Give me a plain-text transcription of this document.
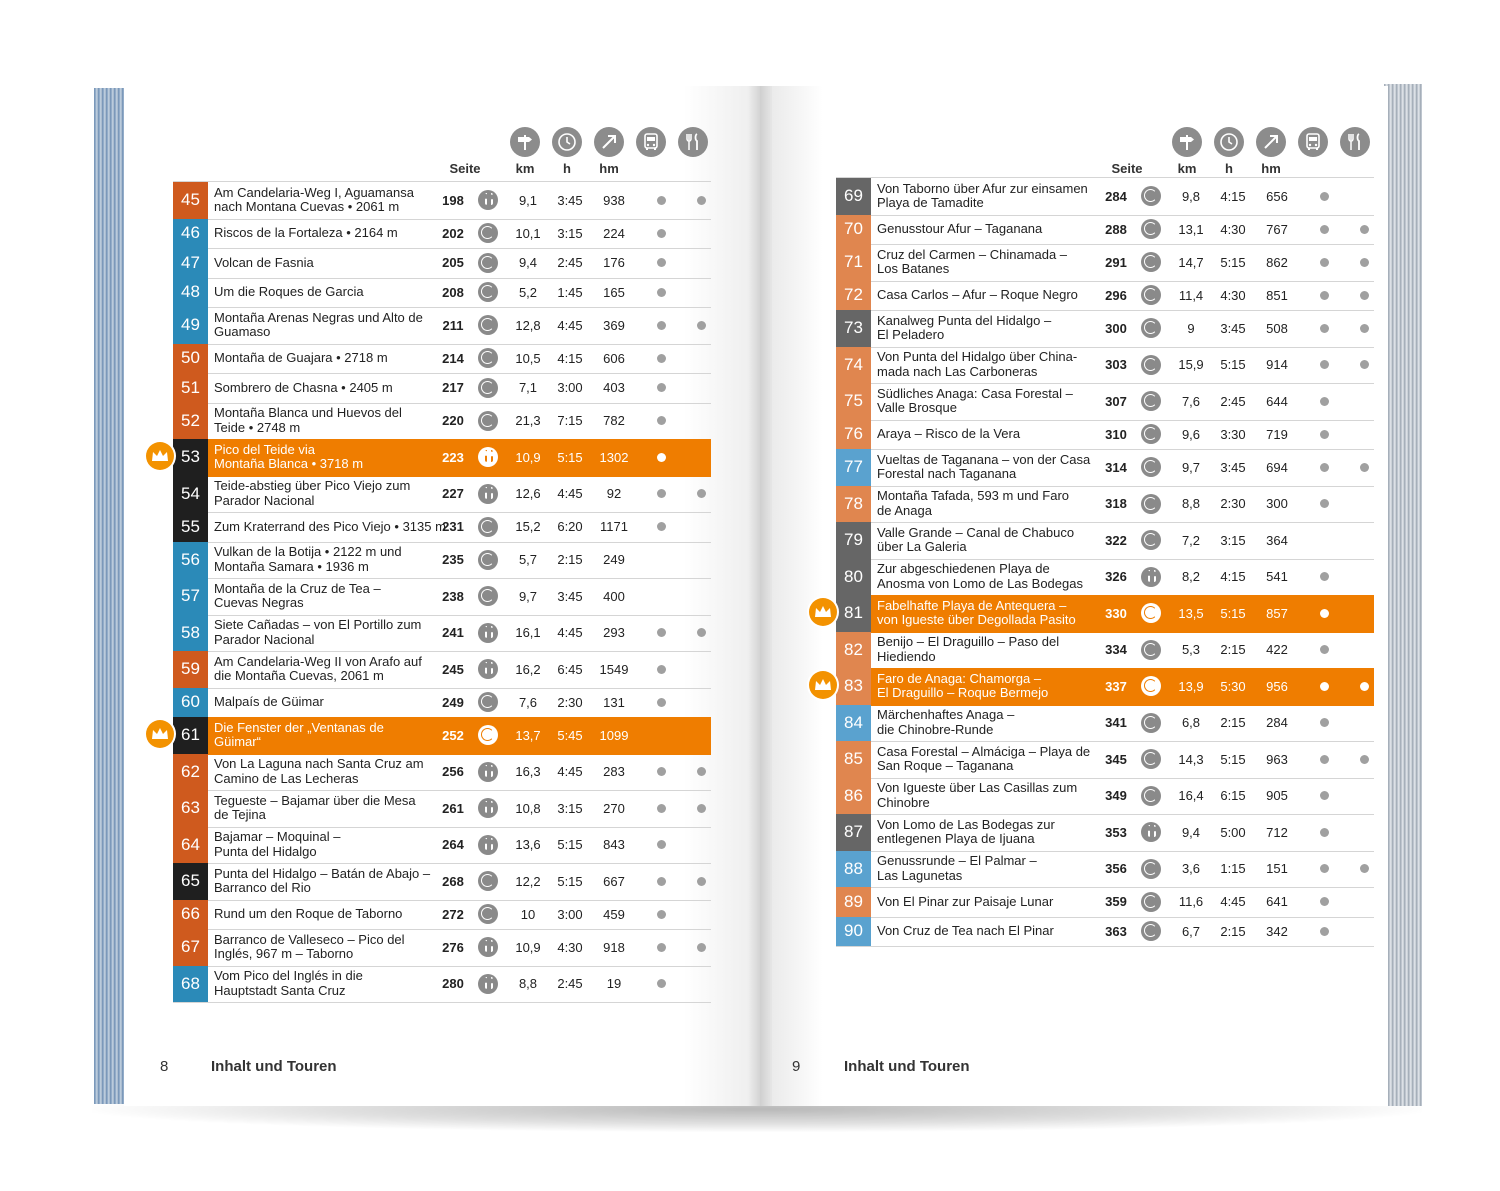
Seite	km	h	hm	Seite	km	h	hm
45	Am Candelaria-Weg I, Aguamansa
nach Montana Cuevas • 2061 m	198	9,1	3:45	938
46	Riscos de la Fortaleza • 2164 m	202	10,1	3:15	224
47	Volcan de Fasnia	205	9,4	2:45	176
48	Um die Roques de Garcia	208	5,2	1:45	165
49	Montaña Arenas Negras und Alto de
Guamaso	211	12,8	4:45	369
50	Montaña de Guajara • 2718 m	214	10,5	4:15	606
51	Sombrero de Chasna • 2405 m	217	7,1	3:00	403
52	Montaña Blanca und Huevos del
Teide • 2748 m	220	21,3	7:15	782
53	Pico del Teide via
Montaña Blanca • 3718 m	223	10,9	5:15	1302
54	Teide-abstieg über Pico Viejo zum
Parador Nacional	227	12,6	4:45	92
55	Zum Kraterrand des Pico Viejo • 3135 m
231	15,2	6:20	1171
56	Vulkan de la Botija • 2122 m und
Montaña Samara • 1936 m	235	5,7	2:15	249
57	Montaña de la Cruz de Tea –
Cuevas Negras	238	9,7	3:45	400
58	Siete Cañadas – von El Portillo zum
Parador Nacional	241	16,1	4:45	293
59	Am Candelaria-Weg II von Arafo auf
die Montaña Cuevas, 2061 m	245	16,2	6:45	1549
60	Malpaís de Güimar	249	7,6	2:30	131
61	Die Fenster der „Ventanas de
Güimar“	252	13,7	5:45	1099
62	Von La Laguna nach Santa Cruz am
Camino de Las Lecheras	256	16,3	4:45	283
63	Tegueste – Bajamar über die Mesa
de Tejina	261	10,8	3:15	270
64	Bajamar – Moquinal –
Punta del Hidalgo	264	13,6	5:15	843
65	Punta del Hidalgo – Batán de Abajo –
Barranco del Rio	268	12,2	5:15	667
66	Rund um den Roque de Taborno	272	10	3:00	459
67	Barranco de Valleseco – Pico del
Inglés, 967 m – Taborno	276	10,9	4:30	918
68	Vom Pico del Inglés in die
Hauptstadt Santa Cruz	280	8,8	2:45	19
69	Von Taborno über Afur zur einsamen
Playa de Tamadite	284	9,8	4:15	656
70	Genusstour Afur – Taganana	288	13,1	4:30	767
71	Cruz del Carmen – Chinamada –
Los Batanes	291	14,7	5:15	862
72	Casa Carlos – Afur – Roque Negro	296	11,4	4:30	851
73	Kanalweg Punta del Hidalgo –
El Peladero	300	9	3:45	508
74	Von Punta del Hidalgo über China-
mada nach Las Carboneras	303	15,9	5:15	914
75	Südliches Anaga: Casa Forestal –
Valle Brosque	307	7,6	2:45	644
76	Araya – Risco de la Vera	310	9,6	3:30	719
77	Vueltas de Taganana – von der Casa
Forestal nach Taganana	314	9,7	3:45	694
78	Montaña Tafada, 593 m und Faro
de Anaga	318	8,8	2:30	300
79	Valle Grande – Canal de Chabuco
über La Galeria	322	7,2	3:15	364
80	Zur abgeschiedenen Playa de
Anosma von Lomo de Las Bodegas	326	8,2	4:15	541
81	Fabelhafte Playa de Antequera –
von Igueste über Degollada Pasito	330	13,5	5:15	857
82	Benijo – El Draguillo – Paso del
Hiediendo	334	5,3	2:15	422
83	Faro de Anaga: Chamorga –
El Draguillo – Roque Bermejo	337	13,9	5:30	956
84	Märchenhaftes Anaga –
die Chinobre-Runde	341	6,8	2:15	284
85	Casa Forestal – Almáciga – Playa de
San Roque – Taganana	345	14,3	5:15	963
86	Von Igueste über Las Casillas zum
Chinobre	349	16,4	6:15	905
87	Von Lomo de Las Bodegas zur
entlegenen Playa de Ijuana	353	9,4	5:00	712
88	Genussrunde – El Palmar –
Las Lagunetas	356	3,6	1:15	151
89	Von El Pinar zur Paisaje Lunar	359	11,6	4:45	641
90	Von Cruz de Tea nach El Pinar	363	6,7	2:15	342
8	Inhalt und Touren	9	Inhalt und Touren
